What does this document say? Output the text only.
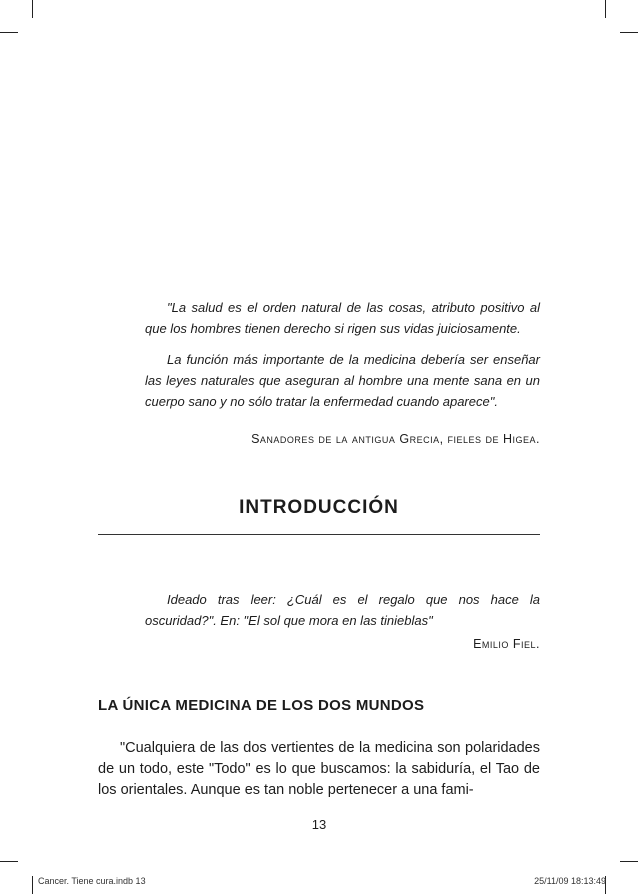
"La salud es el orden natural de las cosas, atributo positivo al que los hombres tienen derecho si rigen sus vidas juiciosamente.

La función más importante de la medicina debería ser enseñar las leyes naturales que aseguran al hombre una mente sana en un cuerpo sano y no sólo tratar la enfermedad cuando aparece".

Sanadores de la antigua Grecia, fieles de Higea.
INTRODUCCIÓN

Ideado tras leer: ¿Cuál es el regalo que nos hace la oscuridad?". En: "El sol que mora en las tinieblas"

Emilio Fiel.
LA ÚNICA MEDICINA DE LOS DOS MUNDOS

"Cualquiera de las dos vertientes de la medicina son polaridades de un todo, este "Todo" es lo que buscamos: la sabiduría, el Tao de los orientales. Aunque es tan noble pertenecer a una fami-

13
Cancer. Tiene cura.indb 13	25/11/09 18:13:49
